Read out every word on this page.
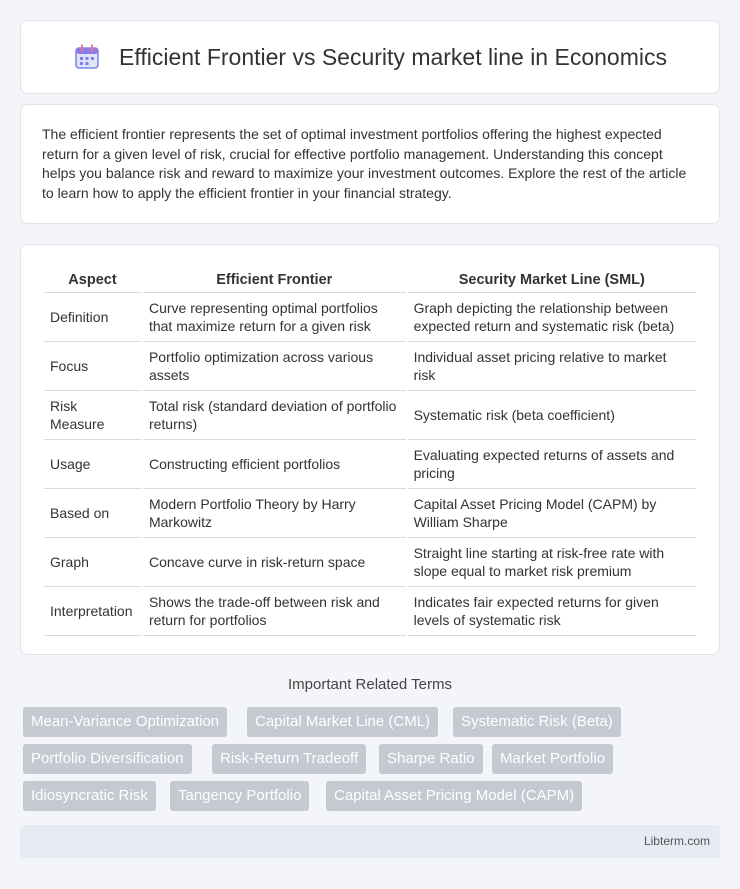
Efficient Frontier vs Security market line in Economics

The efficient frontier represents the set of optimal investment portfolios offering the highest expected return for a given level of risk, crucial for effective portfolio management. Understanding this concept helps you balance risk and reward to maximize your investment outcomes. Explore the rest of the article to learn how to apply the efficient frontier in your financial strategy.

Aspect	Efficient Frontier	Security Market Line (SML)
Definition	Curve representing optimal portfolios that maximize return for a given risk	Graph depicting the relationship between expected return and systematic risk (beta)
Focus	Portfolio optimization across various assets	Individual asset pricing relative to market risk
Risk Measure	Total risk (standard deviation of portfolio returns)	Systematic risk (beta coefficient)
Usage	Constructing efficient portfolios	Evaluating expected returns of assets and pricing
Based on	Modern Portfolio Theory by Harry Markowitz	Capital Asset Pricing Model (CAPM) by William Sharpe
Graph	Concave curve in risk-return space	Straight line starting at risk-free rate with slope equal to market risk premium
Interpretation	Shows the trade-off between risk and return for portfolios	Indicates fair expected returns for given levels of systematic risk
Important Related Terms
Mean-Variance Optimization	Capital Market Line (CML)	Systematic Risk (Beta)
Portfolio Diversification	Risk-Return Tradeoff	Sharpe Ratio	Market Portfolio
Idiosyncratic Risk	Tangency Portfolio	Capital Asset Pricing Model (CAPM)
Libterm.com
